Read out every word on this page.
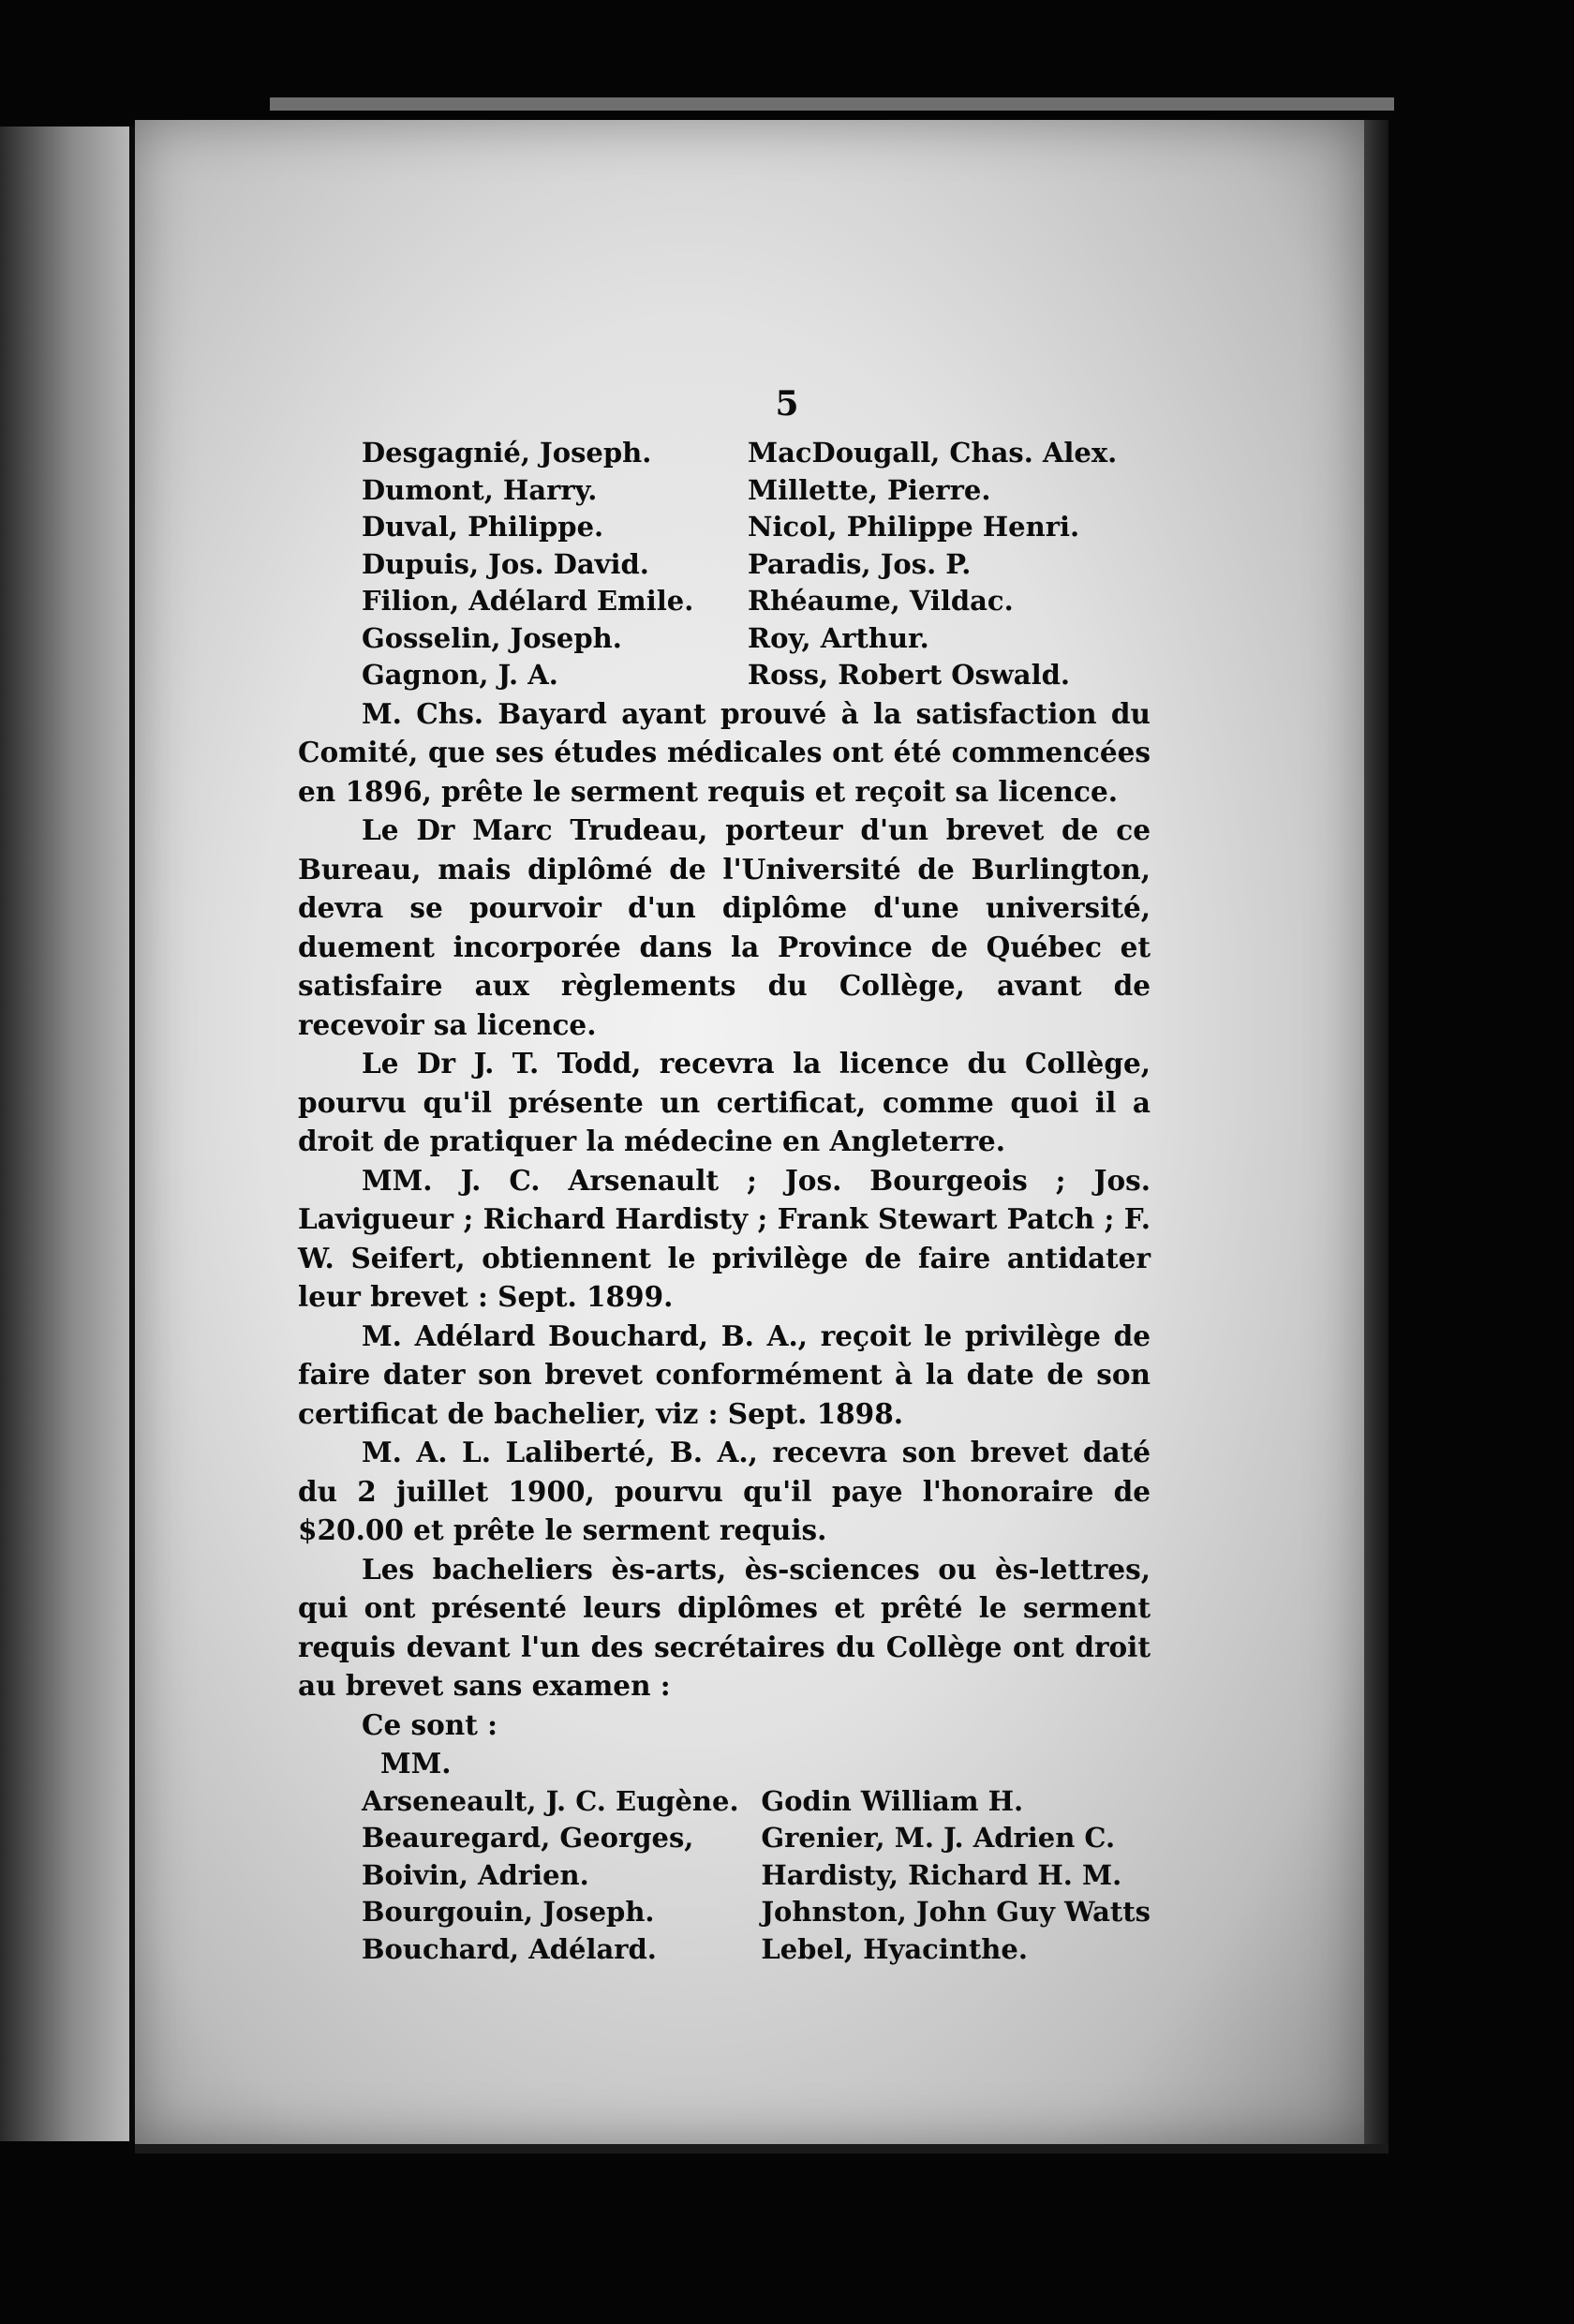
5
Desgagnié, Joseph.
Dumont, Harry.
Duval, Philippe.
Dupuis, Jos. David.
Filion, Adélard Emile.
Gosselin, Joseph.
Gagnon, J. A.
MacDougall, Chas. Alex.
Millette, Pierre.
Nicol, Philippe Henri.
Paradis, Jos. P.
Rhéaume, Vildac.
Roy, Arthur.
Ross, Robert Oswald.

M. Chs. Bayard ayant prouvé à la satisfaction du Comité, que ses études médicales ont été commencées en 1896, prête le serment requis et reçoit sa licence.

Le Dr Marc Trudeau, porteur d'un brevet de ce Bureau, mais diplômé de l'Université de Burlington, devra se pourvoir d'un diplôme d'une université, duement incorporée dans la Province de Québec et satisfaire aux règlements du Collège, avant de recevoir sa licence.

Le Dr J. T. Todd, recevra la licence du Collège, pourvu qu'il présente un certificat, comme quoi il a droit de pratiquer la médecine en Angleterre.

MM. J. C. Arsenault ; Jos. Bourgeois ; Jos. Lavigueur ; Richard Hardisty ; Frank Stewart Patch ; F. W. Seifert, obtiennent le privilège de faire antidater leur brevet : Sept. 1899.

M. Adélard Bouchard, B. A., reçoit le privilège de faire dater son brevet conformément à la date de son certificat de bachelier, viz : Sept. 1898.

M. A. L. Laliberté, B. A., recevra son brevet daté du 2 juillet 1900, pourvu qu'il paye l'honoraire de $20.00 et prête le serment requis.

Les bacheliers ès-arts, ès-sciences ou ès-lettres, qui ont présenté leurs diplômes et prêté le serment requis devant l'un des secrétaires du Collège ont droit au brevet sans examen :

Ce sont :
MM.
Arseneault, J. C. Eugène.
Beauregard, Georges,
Boivin, Adrien.
Bourgouin, Joseph.
Bouchard, Adélard.
Godin William H.
Grenier, M. J. Adrien C.
Hardisty, Richard H. M.
Johnston, John Guy Watts
Lebel, Hyacinthe.
